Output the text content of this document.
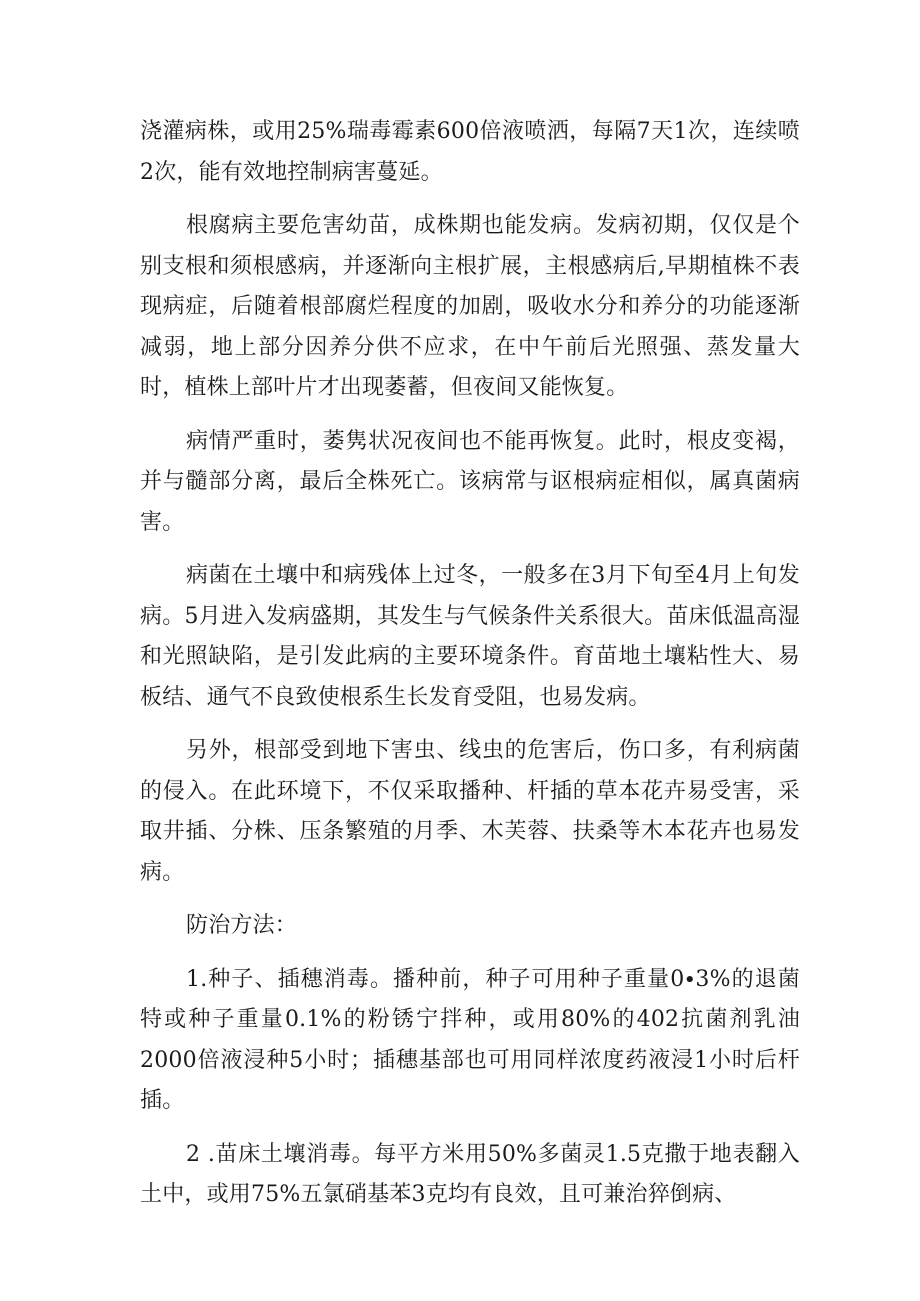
浇灌病株，或用25%瑞毒霉素600倍液喷洒，每隔7天1次，连续喷2次，能有效地控制病害蔓延。

根腐病主要危害幼苗，成株期也能发病。发病初期，仅仅是个别支根和须根感病，并逐渐向主根扩展，主根感病后,早期植株不表现病症，后随着根部腐烂程度的加剧，吸收水分和养分的功能逐渐减弱，地上部分因养分供不应求，在中午前后光照强、蒸发量大时，植株上部叶片才出现萎蓄，但夜间又能恢复。

病情严重时，萎隽状况夜间也不能再恢复。此时，根皮变褐，并与髓部分离，最后全株死亡。该病常与讴根病症相似，属真菌病害。

病菌在土壤中和病残体上过冬，一般多在3月下旬至4月上旬发病。5月进入发病盛期，其发生与气候条件关系很大。苗床低温高湿和光照缺陷，是引发此病的主要环境条件。育苗地土壤粘性大、易板结、通气不良致使根系生长发育受阻，也易发病。

另外，根部受到地下害虫、线虫的危害后，伤口多，有利病菌的侵入。在此环境下，不仅采取播种、杆插的草本花卉易受害，采取井插、分株、压条繁殖的月季、木芙蓉、扶桑等木本花卉也易发病。

防治方法：

1.种子、插穗消毒。播种前，种子可用种子重量0∙3%的退菌特或种子重量0.1%的粉锈宁拌种，或用80%的402抗菌剂乳油2000倍液浸种5小时；插穗基部也可用同样浓度药液浸1小时后杆插。

2 .苗床土壤消毒。每平方米用50%多菌灵1.5克撒于地表翻入土中，或用75%五氯硝基苯3克均有良效，且可兼治猝倒病、
